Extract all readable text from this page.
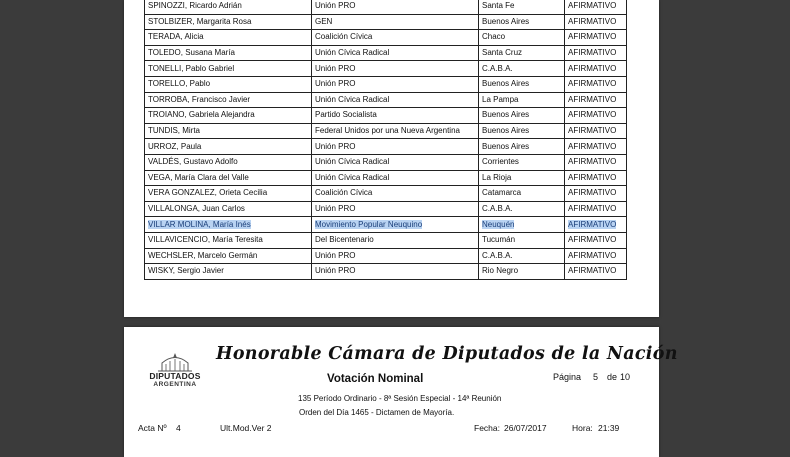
SPINOZZI, Ricardo Adrián	Unión PRO	Santa Fe	AFIRMATIVO
STOLBIZER, Margarita Rosa	GEN	Buenos Aires	AFIRMATIVO
TERADA, Alicia	Coalición Cívica	Chaco	AFIRMATIVO
TOLEDO, Susana María	Unión Cívica Radical	Santa Cruz	AFIRMATIVO
TONELLI, Pablo Gabriel	Unión PRO	C.A.B.A.	AFIRMATIVO
TORELLO, Pablo	Unión PRO	Buenos Aires	AFIRMATIVO
TORROBA, Francisco Javier	Unión Cívica Radical	La Pampa	AFIRMATIVO
TROIANO, Gabriela Alejandra	Partido Socialista	Buenos Aires	AFIRMATIVO
TUNDIS, Mirta	Federal Unidos por una Nueva Argentina	Buenos Aires	AFIRMATIVO
URROZ, Paula	Unión PRO	Buenos Aires	AFIRMATIVO
VALDÉS, Gustavo Adolfo	Unión Cívica Radical	Corrientes	AFIRMATIVO
VEGA, María Clara del Valle	Unión Cívica Radical	La Rioja	AFIRMATIVO
VERA GONZALEZ, Orieta Cecilia	Coalición Cívica	Catamarca	AFIRMATIVO
VILLALONGA, Juan Carlos	Unión PRO	C.A.B.A.	AFIRMATIVO
VILLAR MOLINA, María Inés	Movimiento Popular Neuquino	Neuquén	AFIRMATIVO
VILLAVICENCIO, María Teresita	Del Bicentenario	Tucumán	AFIRMATIVO
WECHSLER, Marcelo Germán	Unión PRO	C.A.B.A.	AFIRMATIVO
WISKY, Sergio Javier	Unión PRO	Rio Negro	AFIRMATIVO
DIPUTADOS
ARGENTINA
Honorable Cámara de Diputados de la Nación
Votación Nominal	Página 5 de 10
135 Período Ordinario - 8ª Sesión Especial - 14ª Reunión
Orden del Día 1465 - Dictamen de Mayoría.
Acta Nº 4	Ult.Mod.Ver 2	Fecha: 26/07/2017	Hora: 21:39
